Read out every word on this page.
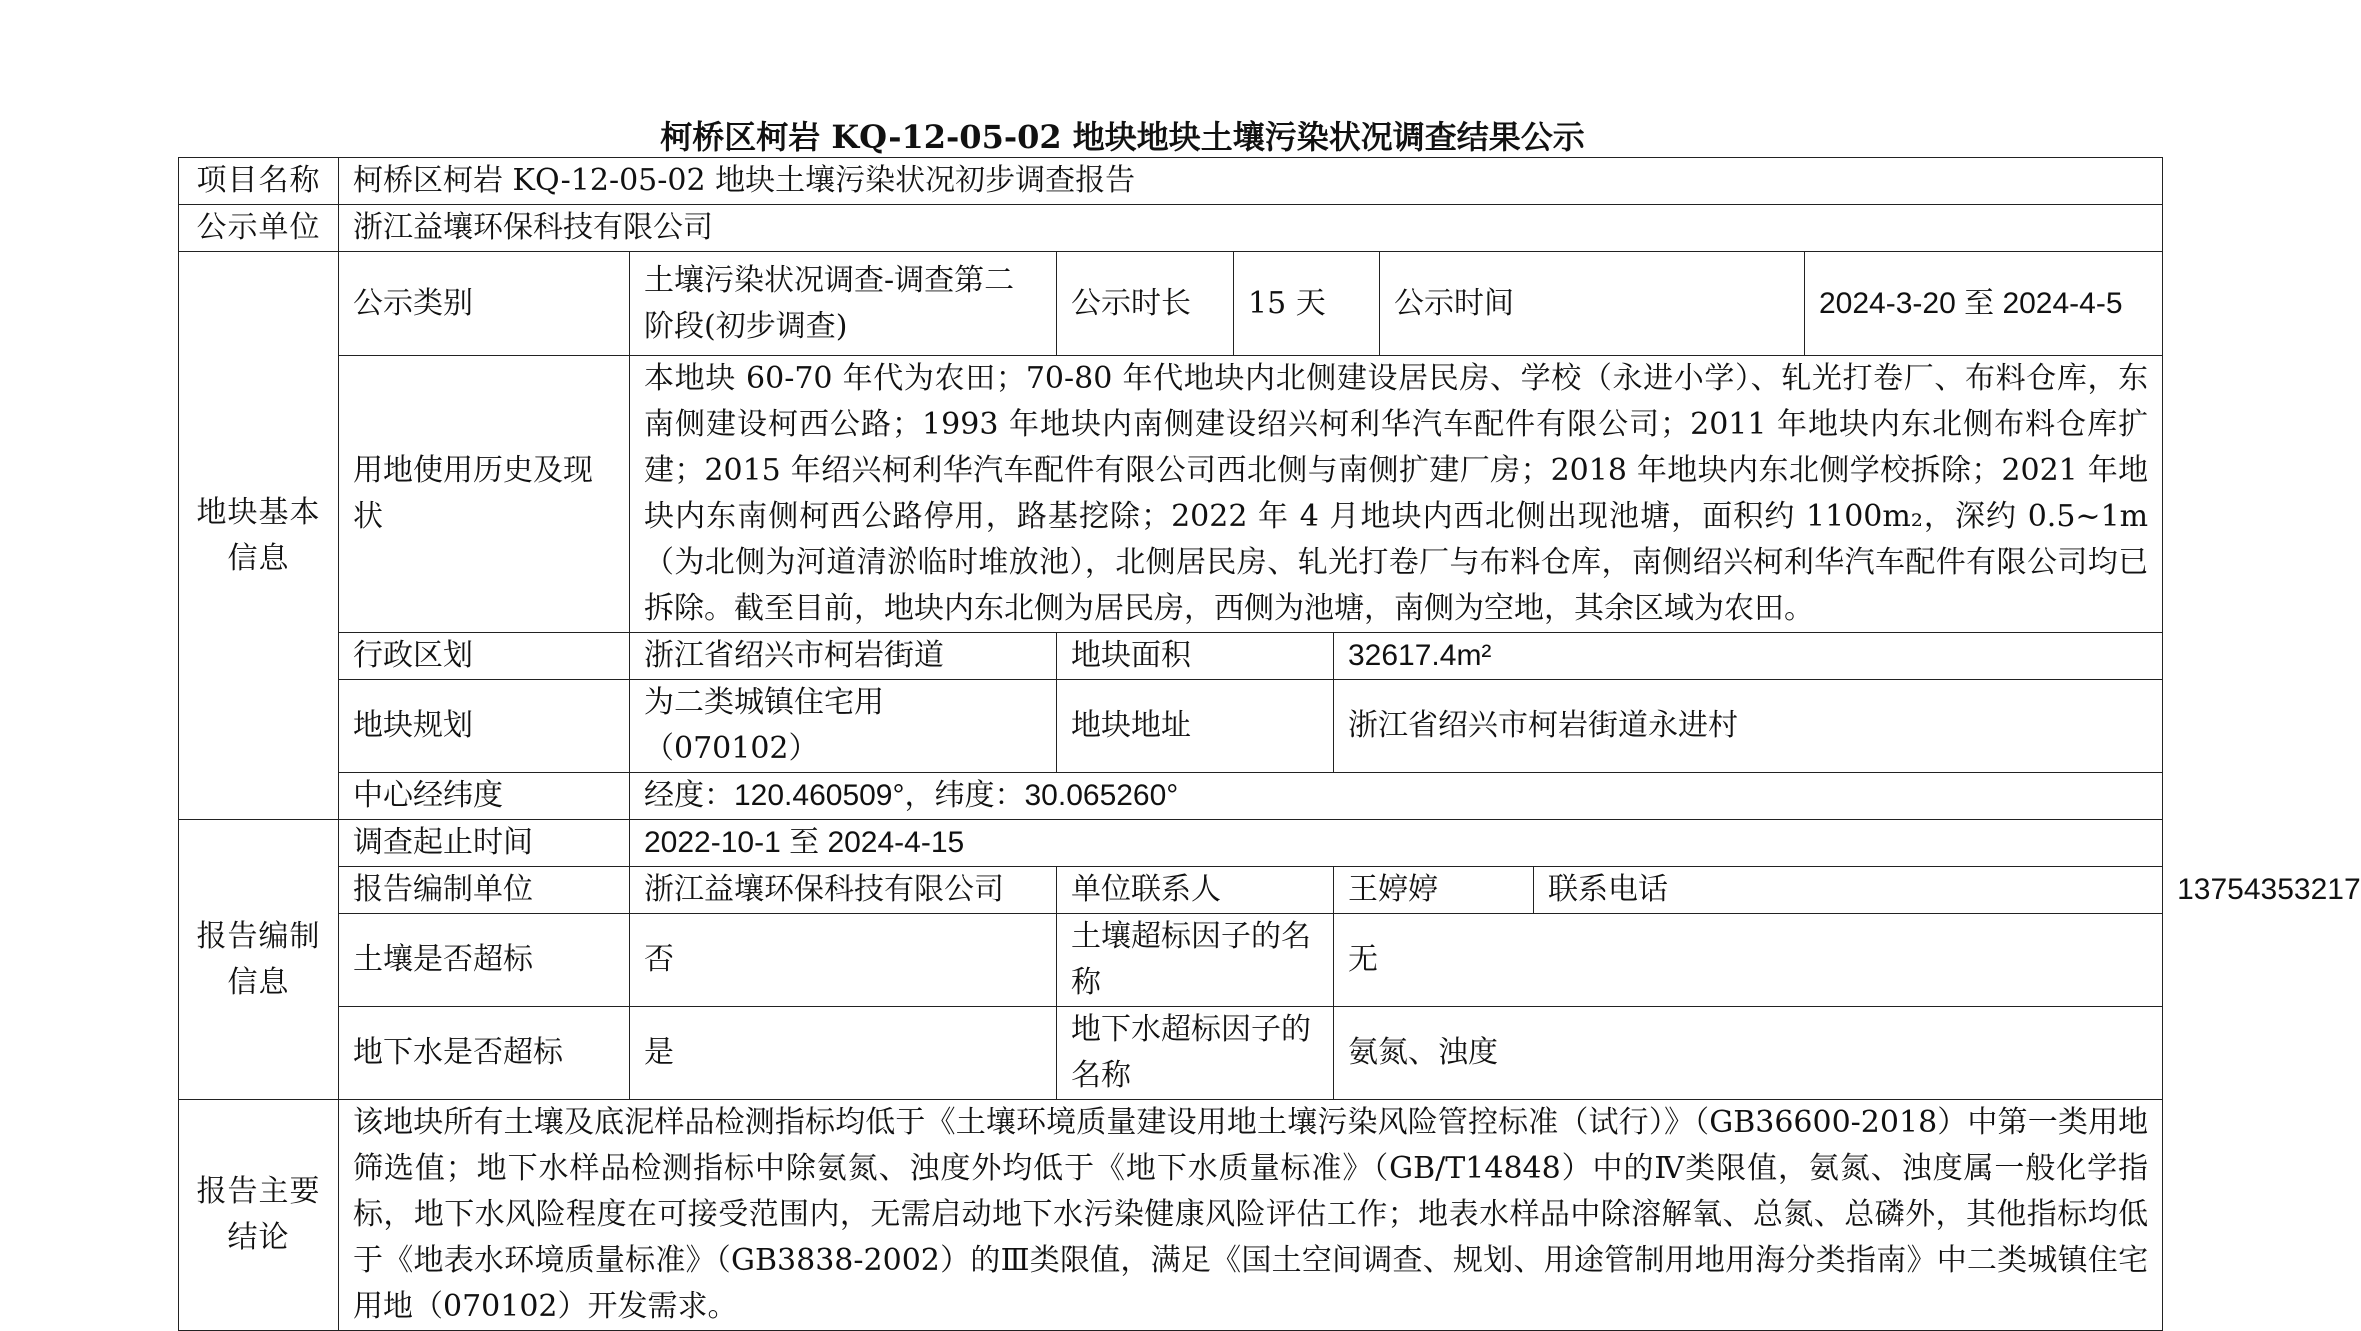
柯桥区柯岩 KQ-12-05-02 地块地块土壤污染状况调查结果公示
项目名称	柯桥区柯岩 KQ-12-05-02 地块土壤污染状况初步调查报告								
公示单位	浙江益壤环保科技有限公司								
地块基本信息	公示类别	土壤污染状况调查-调查第二阶段(初步调查)	公示时长	15 天		公示时间		2024-3-20 至 2024-4-5	
	用地使用历史及现状	本地块 60-70 年代为农田；70-80 年代地块内北侧建设居民房、学校（永进小学）、轧光打卷厂、布料仓库，东南侧建设柯西公路；1993 年地块内南侧建设绍兴柯利华汽车配件有限公司；2011 年地块内东北侧布料仓库扩建；2015 年绍兴柯利华汽车配件有限公司西北侧与南侧扩建厂房；2018 年地块内东北侧学校拆除；2021 年地块内东南侧柯西公路停用，路基挖除；2022 年 4 月地块内西北侧出现池塘，面积约 1100m₂，深约 0.5~1m（为北侧为河道清淤临时堆放池），北侧居民房、轧光打卷厂与布料仓库，南侧绍兴柯利华汽车配件有限公司均已拆除。截至目前，地块内东北侧为居民房，西侧为池塘，南侧为空地，其余区域为农田。							
	行政区划	浙江省绍兴市柯岩街道	地块面积		32617.4m²				
	地块规划	为二类城镇住宅用（070102）	地块地址		浙江省绍兴市柯岩街道永进村				
	中心经纬度	经度：120.460509°，纬度：30.065260°							
报告编制信息	调查起止时间	2022-10-1 至 2024-4-15							
	报告编制单位	浙江益壤环保科技有限公司	单位联系人		王婷婷		联系电话		13754353217
	土壤是否超标	否	土壤超标因子的名称		无				
	地下水是否超标	是	地下水超标因子的名称		氨氮、浊度				
报告主要结论	该地块所有土壤及底泥样品检测指标均低于《土壤环境质量建设用地土壤污染风险管控标准（试行）》（GB36600-2018）中第一类用地筛选值；地下水样品检测指标中除氨氮、浊度外均低于《地下水质量标准》（GB/T14848）中的Ⅳ类限值，氨氮、浊度属一般化学指标，地下水风险程度在可接受范围内，无需启动地下水污染健康风险评估工作；地表水样品中除溶解氧、总氮、总磷外，其他指标均低于《地表水环境质量标准》（GB3838-2002）的Ⅲ类限值，满足《国土空间调查、规划、用途管制用地用海分类指南》中二类城镇住宅用地（070102）开发需求。								
